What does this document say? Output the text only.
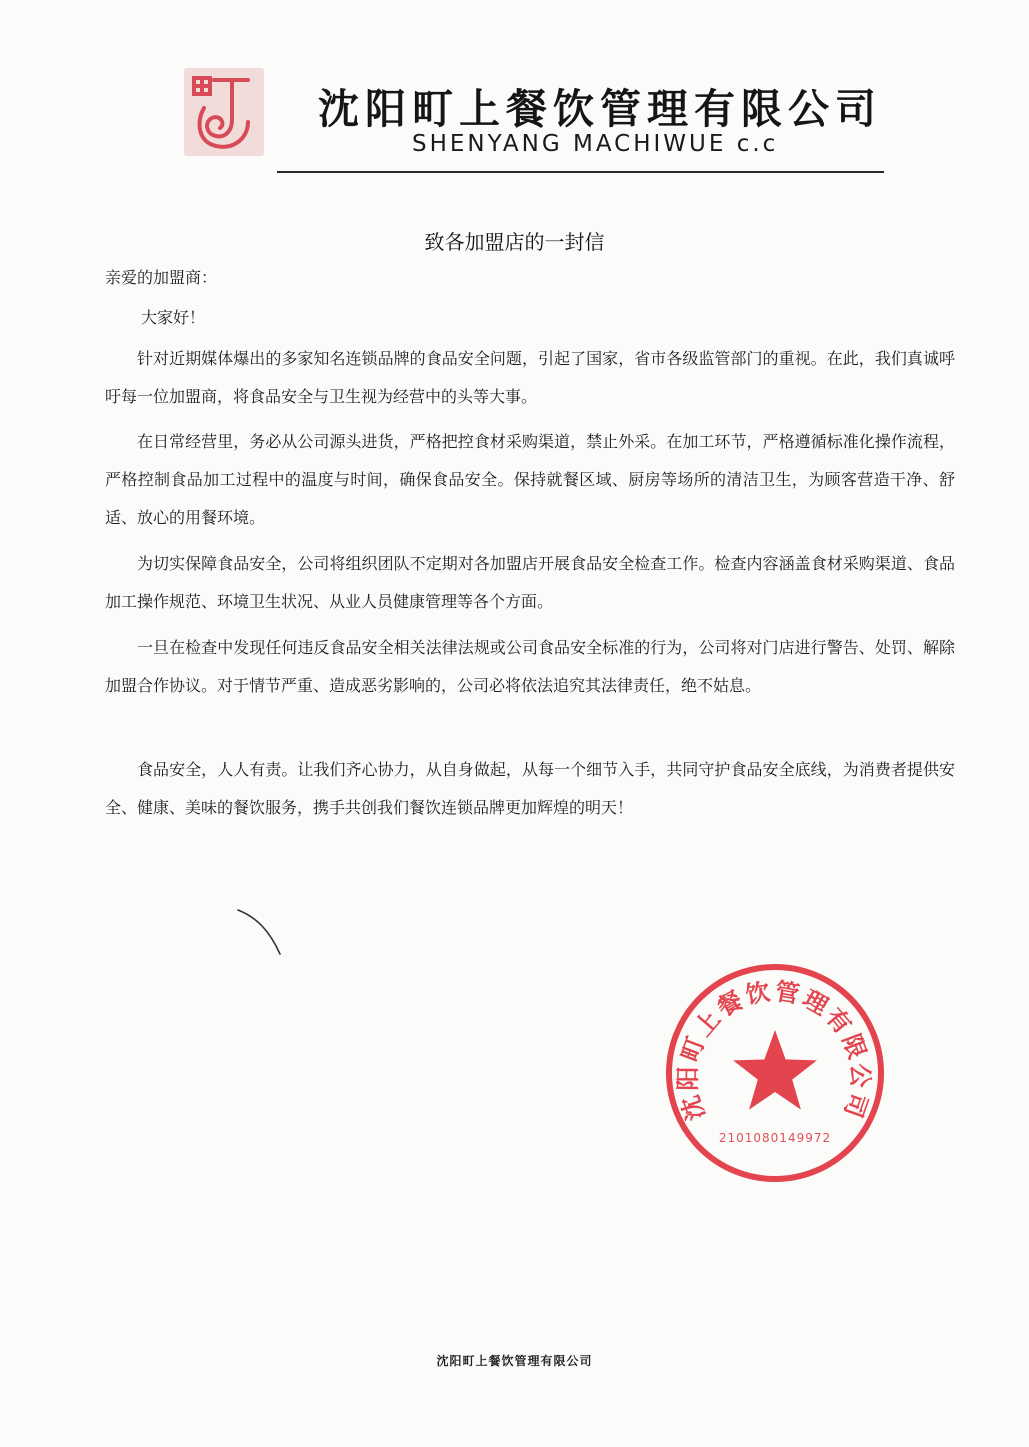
沈阳町上餐饮管理有限公司
SHENYANG MACHIWUE c.c
致各加盟店的一封信
亲爱的加盟商：
大家好！

针对近期媒体爆出的多家知名连锁品牌的食品安全问题，引起了国家，省市各级监管部门的重视。在此，我们真诚呼吁每一位加盟商，将食品安全与卫生视为经营中的头等大事。

在日常经营里，务必从公司源头进货，严格把控食材采购渠道，禁止外采。在加工环节，严格遵循标准化操作流程，严格控制食品加工过程中的温度与时间，确保食品安全。保持就餐区域、厨房等场所的清洁卫生，为顾客营造干净、舒适、放心的用餐环境。

为切实保障食品安全，公司将组织团队不定期对各加盟店开展食品安全检查工作。检查内容涵盖食材采购渠道、食品加工操作规范、环境卫生状况、从业人员健康管理等各个方面。

一旦在检查中发现任何违反食品安全相关法律法规或公司食品安全标准的行为，公司将对门店进行警告、处罚、解除加盟合作协议。对于情节严重、造成恶劣影响的，公司必将依法追究其法律责任，绝不姑息。

食品安全，人人有责。让我们齐心协力，从自身做起，从每一个细节入手，共同守护食品安全底线，为消费者提供安全、健康、美味的餐饮服务，携手共创我们餐饮连锁品牌更加辉煌的明天！

沈阳町上餐饮管理有限公司
2101080149972
沈阳町上餐饮管理有限公司
